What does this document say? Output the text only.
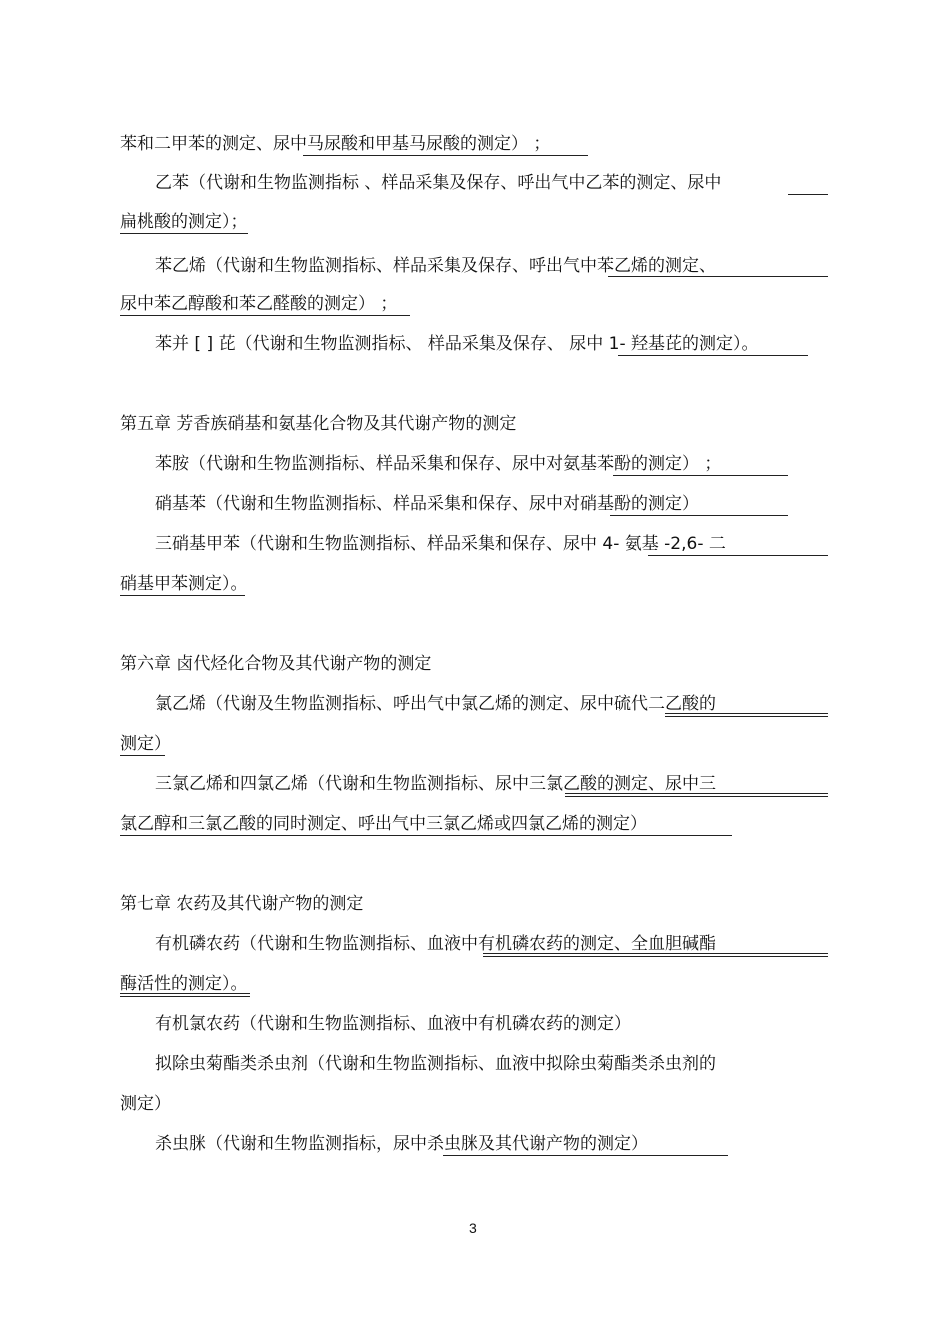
苯和二甲苯的测定、尿中马尿酸和甲基马尿酸的测定） ；
乙苯（代谢和生物监测指标 、样品采集及保存、呼出气中乙苯的测定、尿中
扁桃酸的测定）；
苯乙烯（代谢和生物监测指标、样品采集及保存、呼出气中苯乙烯的测定、
尿中苯乙醇酸和苯乙醛酸的测定） ；
苯并 [ ] 芘（代谢和生物监测指标、 样品采集及保存、 尿中 1- 羟基芘的测定）。
第五章 芳香族硝基和氨基化合物及其代谢产物的测定
苯胺（代谢和生物监测指标、样品采集和保存、尿中对氨基苯酚的测定） ；
硝基苯（代谢和生物监测指标、样品采集和保存、尿中对硝基酚的测定）
三硝基甲苯（代谢和生物监测指标、样品采集和保存、尿中 4- 氨基 -2,6- 二
硝基甲苯测定）。
第六章 卤代烃化合物及其代谢产物的测定
氯乙烯（代谢及生物监测指标、呼出气中氯乙烯的测定、尿中硫代二乙酸的
测定）
三氯乙烯和四氯乙烯（代谢和生物监测指标、尿中三氯乙酸的测定、尿中三
氯乙醇和三氯乙酸的同时测定、呼出气中三氯乙烯或四氯乙烯的测定）
第七章 农药及其代谢产物的测定
有机磷农药（代谢和生物监测指标、血液中有机磷农药的测定、全血胆碱酯
酶活性的测定）。
有机氯农药（代谢和生物监测指标、血液中有机磷农药的测定）
拟除虫菊酯类杀虫剂（代谢和生物监测指标、血液中拟除虫菊酯类杀虫剂的
测定）
杀虫脒（代谢和生物监测指标，尿中杀虫脒及其代谢产物的测定）
3
